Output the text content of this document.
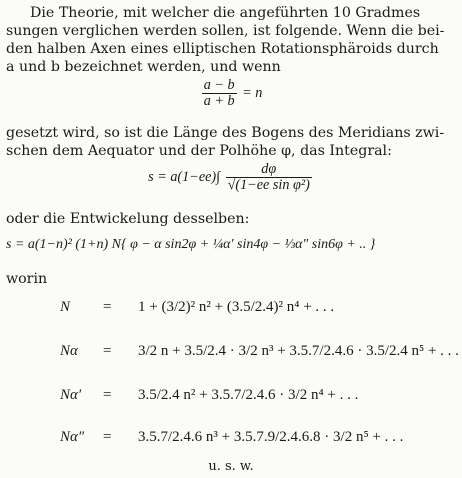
Die Theorie, mit welcher die angeführten 10 Gradmes
sungen verglichen werden sollen, ist folgende. Wenn die bei-
den halben Axen eines elliptischen Rotationsphäroids durch
a und b bezeichnet werden, und wenn
$\frac{a - b}{a + b} = n$
gesetzt wird, so ist die Länge des Bogens des Meridians zwi-
schen dem Aequator und der Polhöhe φ, das Integral:
$s = a(1-ee)\int \frac{d\varphi}{\text{√(1−ee sin φ²)}}$
oder die Entwickelung desselben:
s = a(1−n)² (1+n) N{ φ − α sin2φ + ¼α′ sin4φ − ⅓α″ sin6φ + .. }
worin
N = 1 + (3/2)² n² + (3.5/2.4)² n⁴ + . . .
Nα = 3/2 n + 3.5/2.4 · 3/2 n³ + 3.5.7/2.4.6 · 3.5/2.4 n⁵ + . . .
Nα′ = 3.5/2.4 n² + 3.5.7/2.4.6 · 3/2 n⁴ + . . .
Nα″ = 3.5.7/2.4.6 n³ + 3.5.7.9/2.4.6.8 · 3/2 n⁵ + . . .
u. s. w.
